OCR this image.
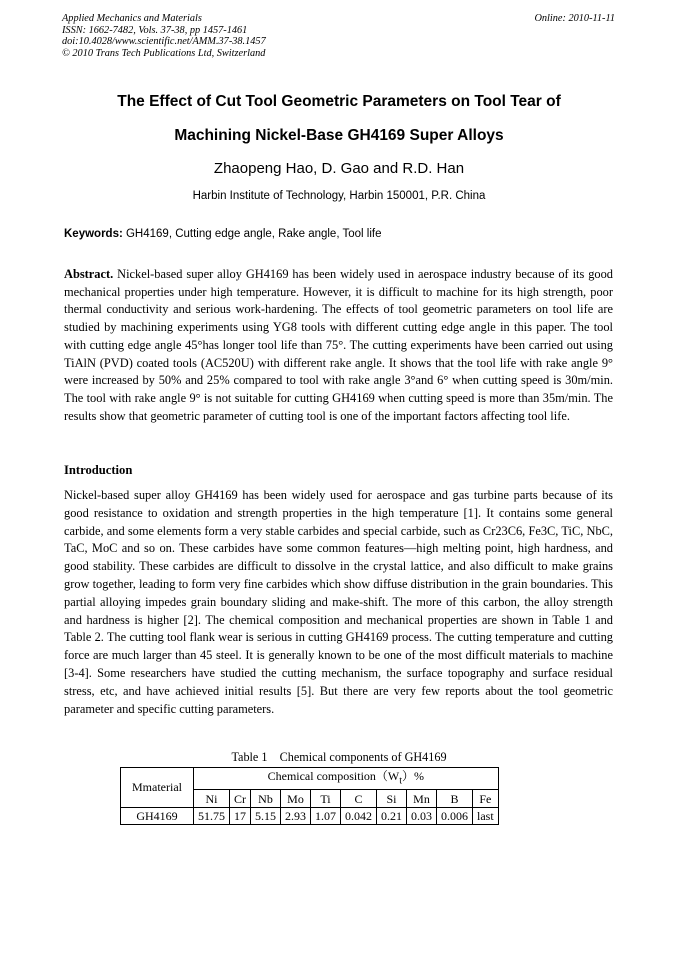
Applied Mechanics and Materials
ISSN: 1662-7482, Vols. 37-38, pp 1457-1461
doi:10.4028/www.scientific.net/AMM.37-38.1457
© 2010 Trans Tech Publications Ltd, Switzerland
Online: 2010-11-11
The Effect of Cut Tool Geometric Parameters on Tool Tear of
Machining Nickel-Base GH4169 Super Alloys
Zhaopeng Hao, D. Gao and R.D. Han
Harbin Institute of Technology, Harbin 150001, P.R. China
Keywords: GH4169, Cutting edge angle, Rake angle, Tool life
Abstract. Nickel-based super alloy GH4169 has been widely used in aerospace industry because of its good mechanical properties under high temperature. However, it is difficult to machine for its high strength, poor thermal conductivity and serious work-hardening. The effects of tool geometric parameters on tool life are studied by machining experiments using YG8 tools with different cutting edge angle in this paper. The tool with cutting edge angle 45°has longer tool life than 75°. The cutting experiments have been carried out using TiAlN (PVD) coated tools (AC520U) with different rake angle. It shows that the tool life with rake angle 9° were increased by 50% and 25% compared to tool with rake angle 3°and 6° when cutting speed is 30m/min. The tool with rake angle 9° is not suitable for cutting GH4169 when cutting speed is more than 35m/min. The results show that geometric parameter of cutting tool is one of the important factors affecting tool life.
Introduction
Nickel-based super alloy GH4169 has been widely used for aerospace and gas turbine parts because of its good resistance to oxidation and strength properties in the high temperature [1]. It contains some general carbide, and some elements form a very stable carbides and special carbide, such as Cr23C6, Fe3C, TiC, NbC, TaC, MoC and so on. These carbides have some common features—high melting point, high hardness, and good stability. These carbides are difficult to dissolve in the crystal lattice, and also difficult to make grains grow together, leading to form very fine carbides which show diffuse distribution in the grain boundaries. This partial alloying impedes grain boundary sliding and make-shift. The more of this carbon, the alloy strength and hardness is higher [2]. The chemical composition and mechanical properties are shown in Table 1 and Table 2. The cutting tool flank wear is serious in cutting GH4169 process. The cutting temperature and cutting force are much larger than 45 steel. It is generally known to be one of the most difficult materials to machine [3-4]. Some researchers have studied the cutting mechanism, the surface topography and surface residual stress, etc, and have achieved initial results [5]. But there are very few reports about the tool geometric parameter and specific cutting parameters.
Table 1    Chemical components of GH4169
Mmaterial	Chemical $composition(W_t)\%$									
	Ni	Cr	Nb	Mo	Ti	C	Si	Mn	B	Fe
GH4169	51.75	17	5.15	2.93	1.07	0.042	0.21	0.03	0.006	last
